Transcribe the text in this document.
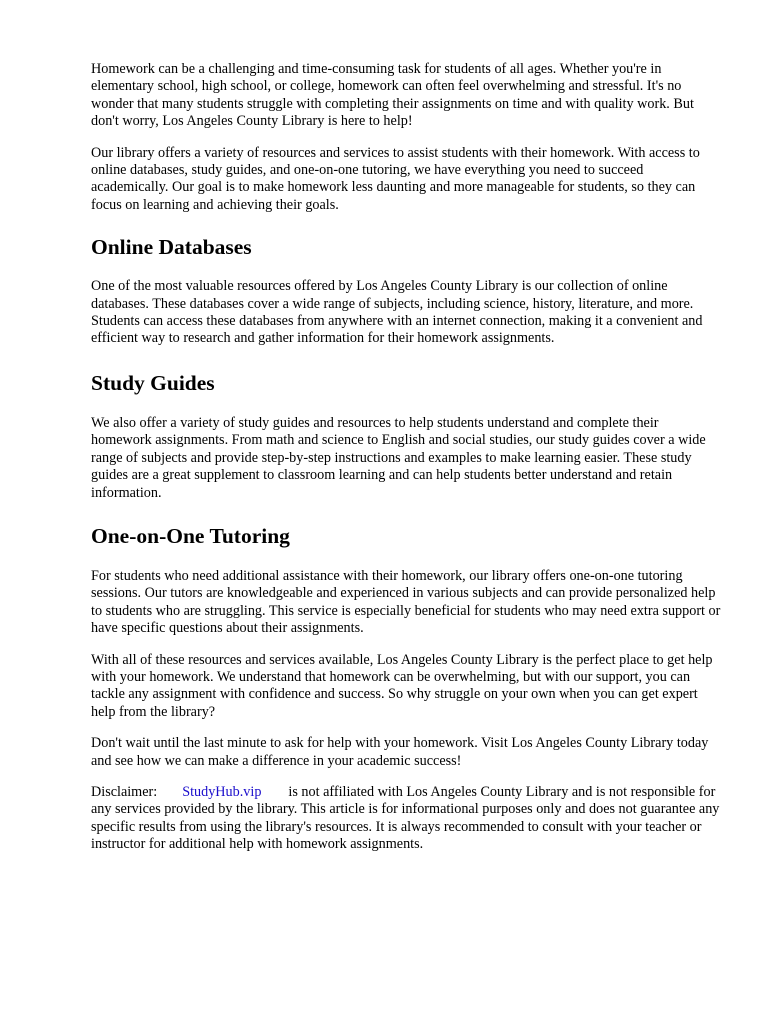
Homework can be a challenging and time-consuming task for students of all ages. Whether you're in elementary school, high school, or college, homework can often feel overwhelming and stressful. It's no wonder that many students struggle with completing their assignments on time and with quality work. But don't worry, Los Angeles County Library is here to help!

Our library offers a variety of resources and services to assist students with their homework. With access to online databases, study guides, and one-on-one tutoring, we have everything you need to succeed academically. Our goal is to make homework less daunting and more manageable for students, so they can focus on learning and achieving their goals.

Online Databases

One of the most valuable resources offered by Los Angeles County Library is our collection of online databases. These databases cover a wide range of subjects, including science, history, literature, and more. Students can access these databases from anywhere with an internet connection, making it a convenient and efficient way to research and gather information for their homework assignments.

Study Guides

We also offer a variety of study guides and resources to help students understand and complete their homework assignments. From math and science to English and social studies, our study guides cover a wide range of subjects and provide step-by-step instructions and examples to make learning easier. These study guides are a great supplement to classroom learning and can help students better understand and retain information.

One-on-One Tutoring

For students who need additional assistance with their homework, our library offers one-on-one tutoring sessions. Our tutors are knowledgeable and experienced in various subjects and can provide personalized help to students who are struggling. This service is especially beneficial for students who may need extra support or have specific questions about their assignments.

With all of these resources and services available, Los Angeles County Library is the perfect place to get help with your homework. We understand that homework can be overwhelming, but with our support, you can tackle any assignment with confidence and success. So why struggle on your own when you can get expert help from the library?

Don't wait until the last minute to ask for help with your homework. Visit Los Angeles County Library today and see how we can make a difference in your academic success!

Disclaimer: StudyHub.vip is not affiliated with Los Angeles County Library and is not responsible for any services provided by the library. This article is for informational purposes only and does not guarantee any specific results from using the library's resources. It is always recommended to consult with your teacher or instructor for additional help with homework assignments.
